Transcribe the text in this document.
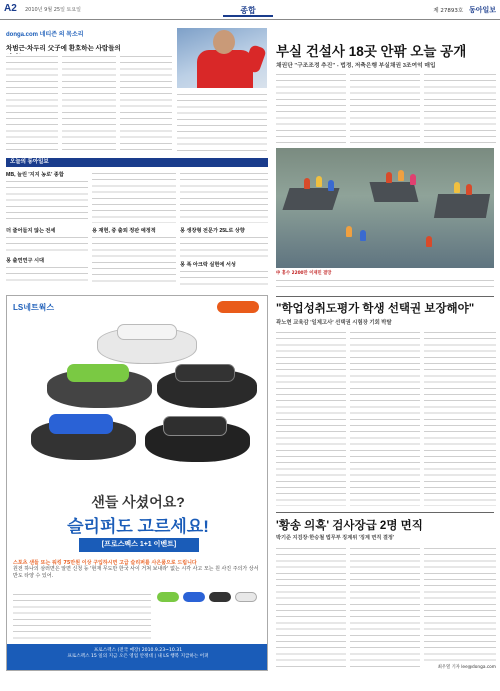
A2 2010년 9월 25일 토요일	종합	제 27893호 동아일보
donga.com 네티즌 의 목소리
차범근-차두리 父子에 환호하는 사람들의
오늘의 동아일보
MB, 늘린 '지지 농로' 종합
더 줄어들지 않는 전세
몽 출연연구 시대
용 재현, 중 출퇴 정판 예정적	몽 생장형 전문가 25L로 상향
몽 폭 아크락 실현에 서성
LS네트웍스
샌들 사셨어요?
슬리퍼도 고르세요!
[프로스펙스 1+1 이벤트]
스포츠 샌들 또는 워킹 75만원 이상 구입하시면 고급 슬리퍼를 사은품으로 드립니다
원전 하나의 삼러면은 알면 신청 등 '현재 무도만 한국 사이 거쳐 보내라' 없는 시각 사고 모는 원 사진 주의가 상서 반도 타양 수 있어.
프로스펙스 (전국 매장) 2010.9.23~10.31
프로스펙스 15 일의 지금 오은 영업 안정대 | 내 LS 행복 지급하는 어퍼
부실 건설사 18곳 안팎 오늘 공개
채권단 "구조조정 추진" - 법정, 저축은행 부실채권 3조여억 매입
中 홍수 2200만 이재민 결망
"학업성취도평가 학생 선택권 보장해야"
곽노현 교육감 '일제고사' 선택권 시험장 기회 박탈
'황송 의혹' 검사장급 2명 면직
박기준 지검장·한승철 법무부 징계위 '징계 면직 결정'
최우열 기자 lee@donga.com
